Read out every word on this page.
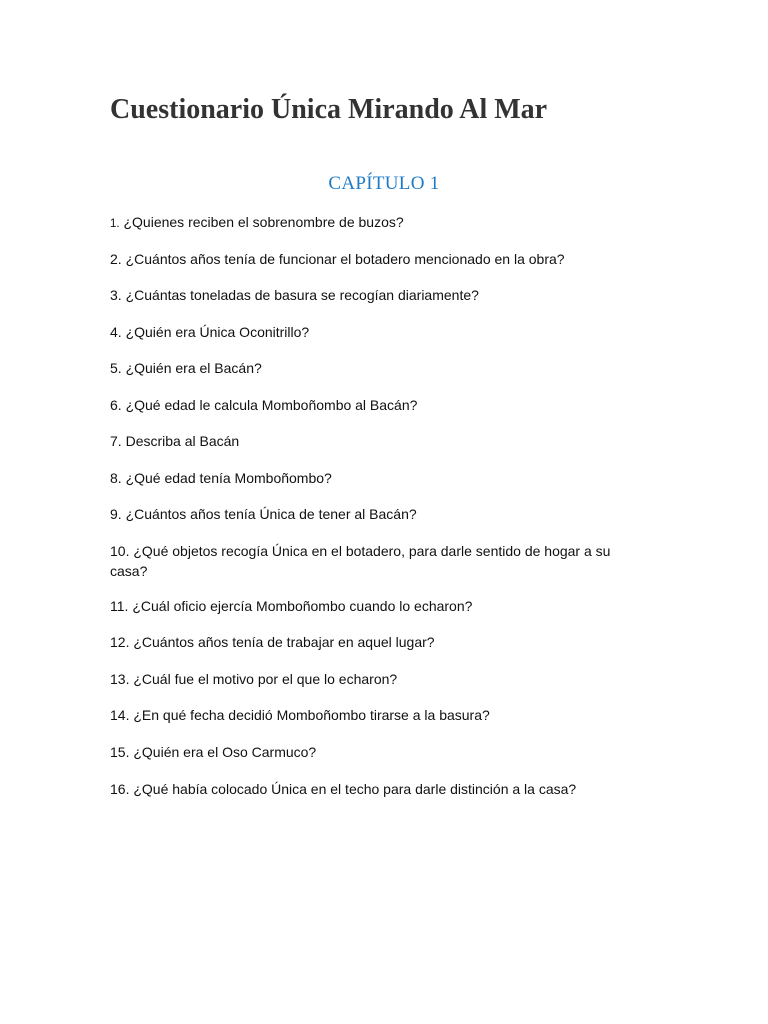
Cuestionario Única Mirando Al Mar
CAPÍTULO 1
1. ¿Quienes reciben el sobrenombre de buzos?
2. ¿Cuántos años tenía de funcionar el botadero mencionado en la obra?
3. ¿Cuántas toneladas de basura se recogían diariamente?
4. ¿Quién era Única Oconitrillo?
5. ¿Quién era el Bacán?
6. ¿Qué edad le calcula Momboñombo al Bacán?
7. Describa al Bacán
8. ¿Qué edad tenía Momboñombo?
9. ¿Cuántos años tenía Única de tener al Bacán?
10. ¿Qué objetos recogía Única en el botadero, para darle sentido de hogar a su casa?
11. ¿Cuál oficio ejercía Momboñombo cuando lo echaron?
12. ¿Cuántos años tenía de trabajar en aquel lugar?
13. ¿Cuál fue el motivo por el que lo echaron?
14. ¿En qué fecha decidió Momboñombo tirarse a la basura?
15. ¿Quién era el Oso Carmuco?
16. ¿Qué había colocado Única en el techo para darle distinción a la casa?
